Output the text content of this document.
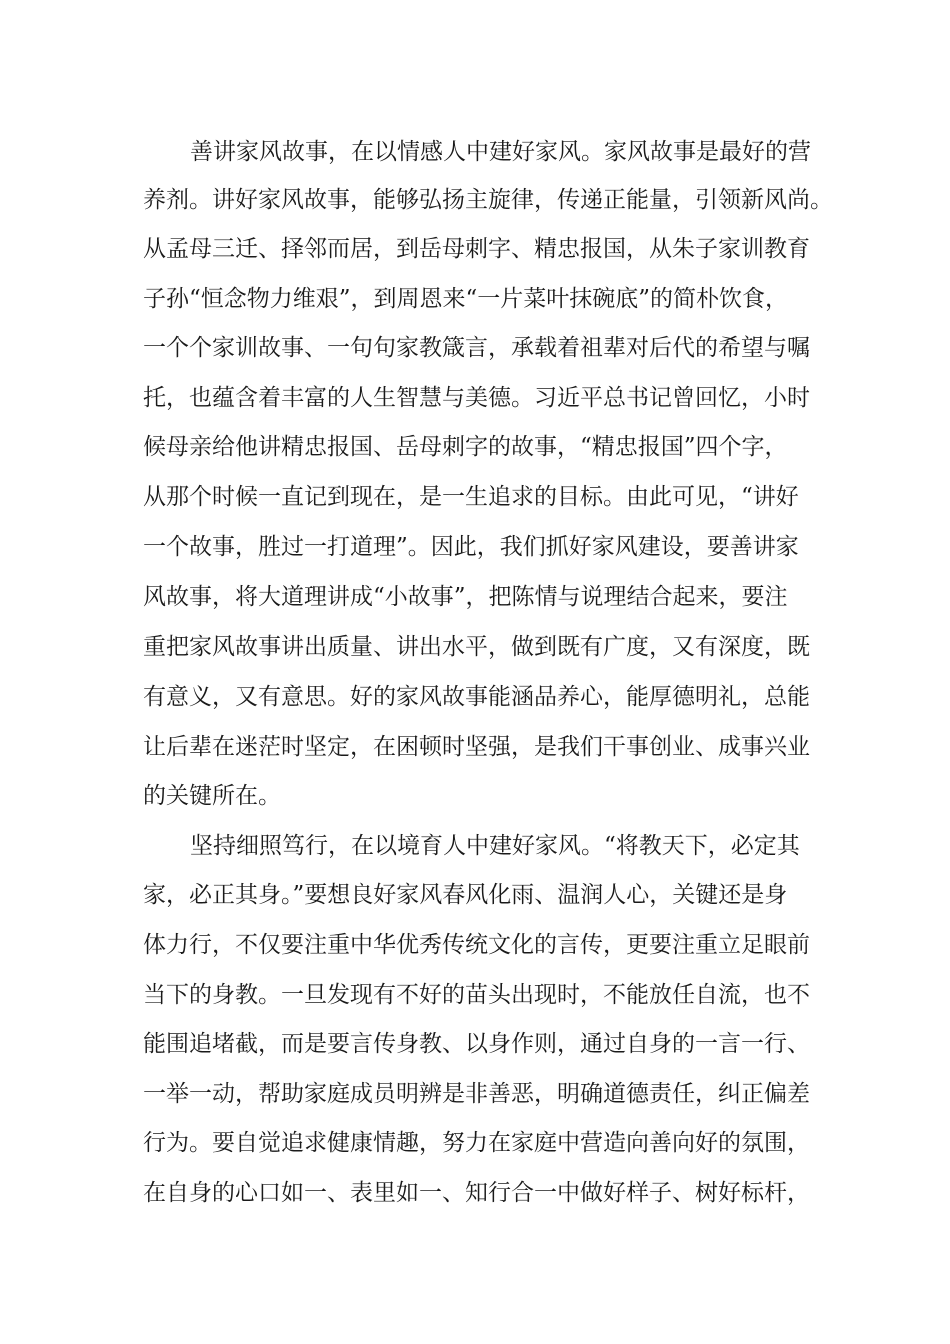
善讲家风故事，在以情感人中建好家风。家风故事是最好的营
养剂。讲好家风故事，能够弘扬主旋律，传递正能量，引领新风尚。
从孟母三迁、择邻而居，到岳母刺字、精忠报国，从朱子家训教育
子孙“恒念物力维艰”，到周恩来“一片菜叶抹碗底”的简朴饮食，
一个个家训故事、一句句家教箴言，承载着祖辈对后代的希望与嘱
托，也蕴含着丰富的人生智慧与美德。习近平总书记曾回忆，小时
候母亲给他讲精忠报国、岳母刺字的故事，“精忠报国”四个字，
从那个时候一直记到现在，是一生追求的目标。由此可见，“讲好
一个故事，胜过一打道理”。因此，我们抓好家风建设，要善讲家
风故事，将大道理讲成“小故事”，把陈情与说理结合起来，要注
重把家风故事讲出质量、讲出水平，做到既有广度，又有深度，既
有意义，又有意思。好的家风故事能涵品养心，能厚德明礼，总能
让后辈在迷茫时坚定，在困顿时坚强，是我们干事创业、成事兴业
的关键所在。
坚持细照笃行，在以境育人中建好家风。“将教天下，必定其
家，必正其身。”要想良好家风春风化雨、温润人心，关键还是身
体力行，不仅要注重中华优秀传统文化的言传，更要注重立足眼前
当下的身教。一旦发现有不好的苗头出现时，不能放任自流，也不
能围追堵截，而是要言传身教、以身作则，通过自身的一言一行、
一举一动，帮助家庭成员明辨是非善恶，明确道德责任，纠正偏差
行为。要自觉追求健康情趣，努力在家庭中营造向善向好的氛围，
在自身的心口如一、表里如一、知行合一中做好样子、树好标杆，
